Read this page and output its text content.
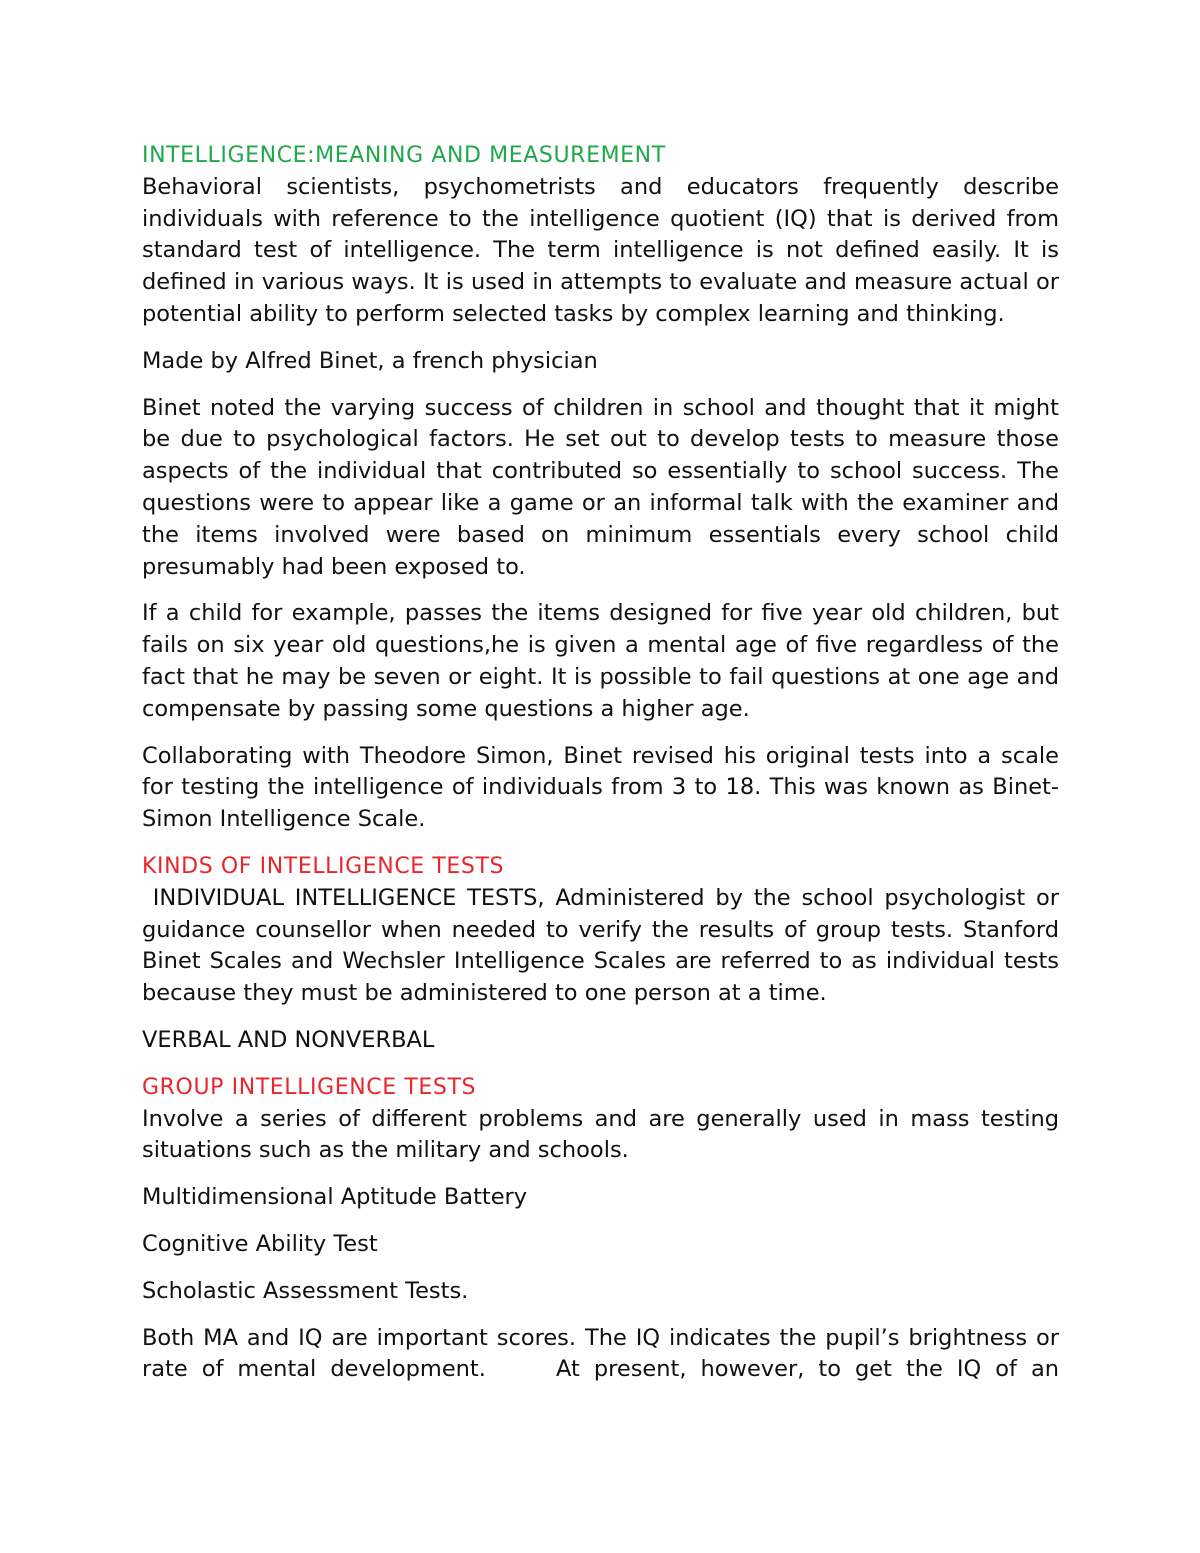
INTELLIGENCE:MEANING AND MEASUREMENT

Behavioral scientists, psychometrists and educators frequently describe individuals with reference to the intelligence quotient (IQ) that is derived from standard test of intelligence. The term intelligence is not defined easily. It is defined in various ways. It is used in attempts to evaluate and measure actual or potential ability to perform selected tasks by complex learning and thinking.

Made by Alfred Binet, a french physician

Binet noted the varying success of children in school and thought that it might be due to psychological factors. He set out to develop tests to measure those aspects of the individual that contributed so essentially to school success. The questions were to appear like a game or an informal talk with the examiner and the items involved were based on minimum essentials every school child presumably had been exposed to.

If a child for example, passes the items designed for five year old children, but fails on six year old questions,he is given a mental age of five regardless of the fact that he may be seven or eight. It is possible to fail questions at one age and compensate by passing some questions a higher age.

Collaborating with Theodore Simon, Binet revised his original tests into a scale for testing the intelligence of individuals from 3 to 18. This was known as Binet-Simon Intelligence Scale.

KINDS OF INTELLIGENCE TESTS

INDIVIDUAL INTELLIGENCE TESTS, Administered by the school psychologist or guidance counsellor when needed to verify the results of group tests. Stanford Binet Scales and Wechsler Intelligence Scales are referred to as individual tests because they must be administered to one person at a time.

VERBAL AND NONVERBAL

GROUP INTELLIGENCE TESTS

Involve a series of different problems and are generally used in mass testing situations such as the military and schools.

Multidimensional Aptitude Battery

Cognitive Ability Test

Scholastic Assessment Tests.

Both MA and IQ are important scores. The IQ indicates the pupil’s brightness or rate of mental development.     At present, however, to get the IQ of an
